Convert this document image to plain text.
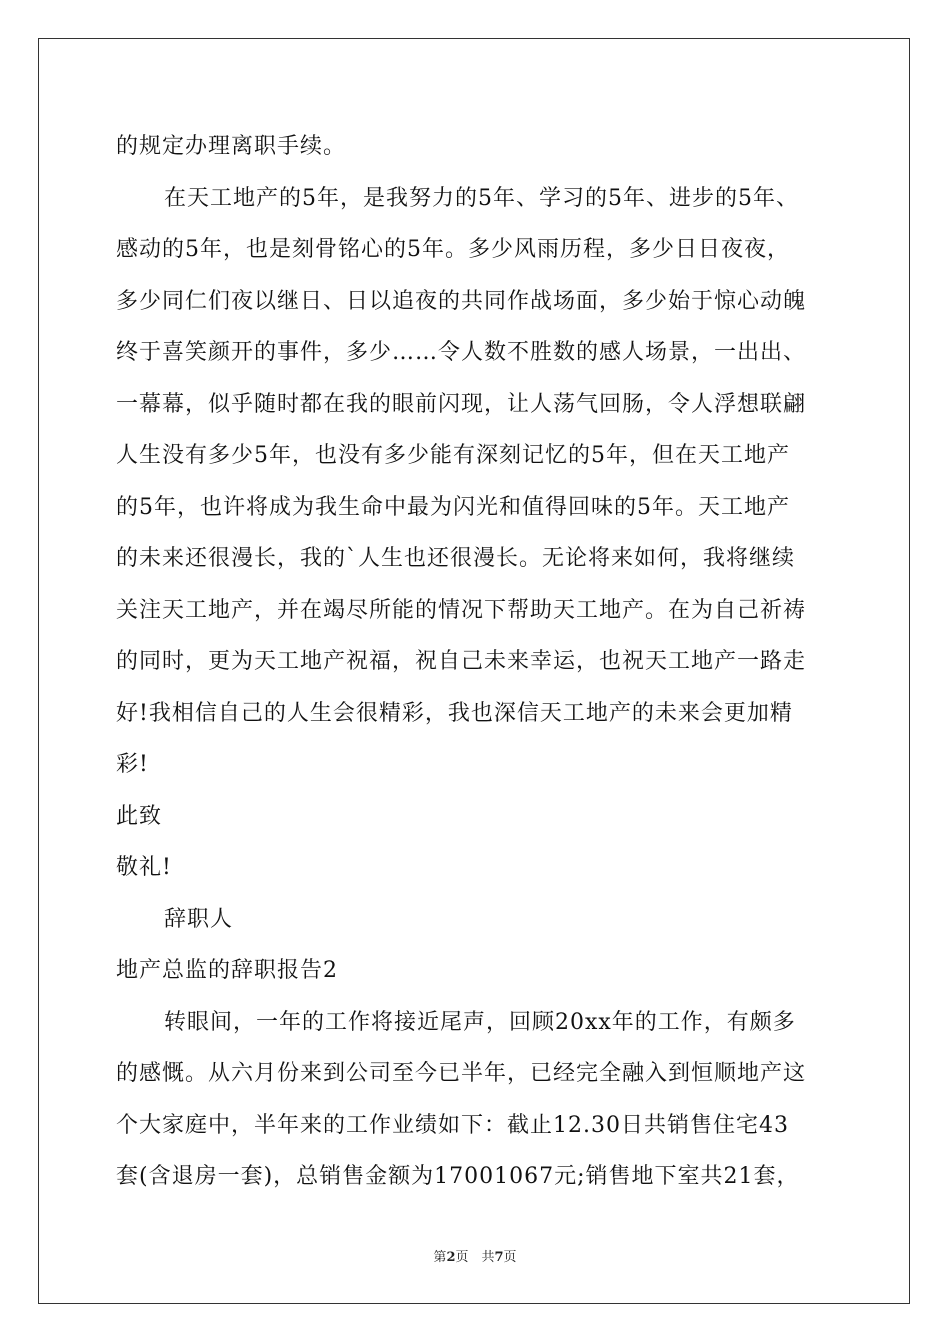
的规定办理离职手续。
在天工地产的5年，是我努力的5年、学习的5年、进步的5年、
感动的5年，也是刻骨铭心的5年。多少风雨历程，多少日日夜夜，
多少同仁们夜以继日、日以追夜的共同作战场面，多少始于惊心动魄
终于喜笑颜开的事件，多少……令人数不胜数的感人场景，一出出、
一幕幕，似乎随时都在我的眼前闪现，让人荡气回肠，令人浮想联翩
人生没有多少5年，也没有多少能有深刻记忆的5年，但在天工地产
的5年，也许将成为我生命中最为闪光和值得回味的5年。天工地产
的未来还很漫长，我的`人生也还很漫长。无论将来如何，我将继续
关注天工地产，并在竭尽所能的情况下帮助天工地产。在为自己祈祷
的同时，更为天工地产祝福，祝自己未来幸运，也祝天工地产一路走
好!我相信自己的人生会很精彩，我也深信天工地产的未来会更加精
彩!
此致
敬礼!
辞职人
地产总监的辞职报告2
转眼间，一年的工作将接近尾声，回顾20xx年的工作，有颇多
的感慨。从六月份来到公司至今已半年，已经完全融入到恒顺地产这
个大家庭中，半年来的工作业绩如下：截止12.30日共销售住宅43
套(含退房一套)，总销售金额为17001067元;销售地下室共21套，
第2页　共7页
